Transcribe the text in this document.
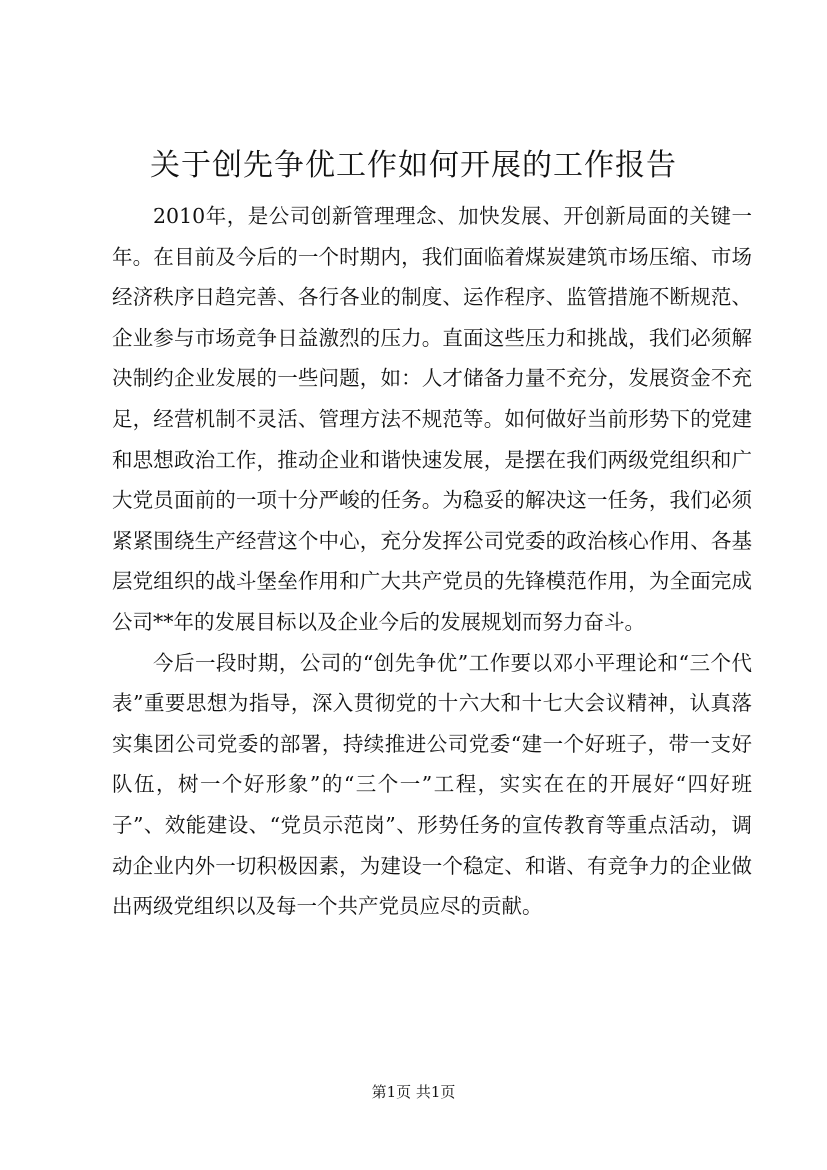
关于创先争优工作如何开展的工作报告

2010年，是公司创新管理理念、加快发展、开创新局面的关键一年。在目前及今后的一个时期内，我们面临着煤炭建筑市场压缩、市场经济秩序日趋完善、各行各业的制度、运作程序、监管措施不断规范、企业参与市场竞争日益激烈的压力。直面这些压力和挑战，我们必须解决制约企业发展的一些问题，如：人才储备力量不充分，发展资金不充足，经营机制不灵活、管理方法不规范等。如何做好当前形势下的党建和思想政治工作，推动企业和谐快速发展，是摆在我们两级党组织和广大党员面前的一项十分严峻的任务。为稳妥的解决这一任务，我们必须紧紧围绕生产经营这个中心，充分发挥公司党委的政治核心作用、各基层党组织的战斗堡垒作用和广大共产党员的先锋模范作用，为全面完成公司**年的发展目标以及企业今后的发展规划而努力奋斗。

今后一段时期，公司的“创先争优”工作要以邓小平理论和“三个代表”重要思想为指导，深入贯彻党的十六大和十七大会议精神，认真落实集团公司党委的部署，持续推进公司党委“建一个好班子，带一支好队伍，树一个好形象”的“三个一”工程，实实在在的开展好“四好班子”、效能建设、“党员示范岗”、形势任务的宣传教育等重点活动，调动企业内外一切积极因素，为建设一个稳定、和谐、有竞争力的企业做出两级党组织以及每一个共产党员应尽的贡献。

第1页 共1页
